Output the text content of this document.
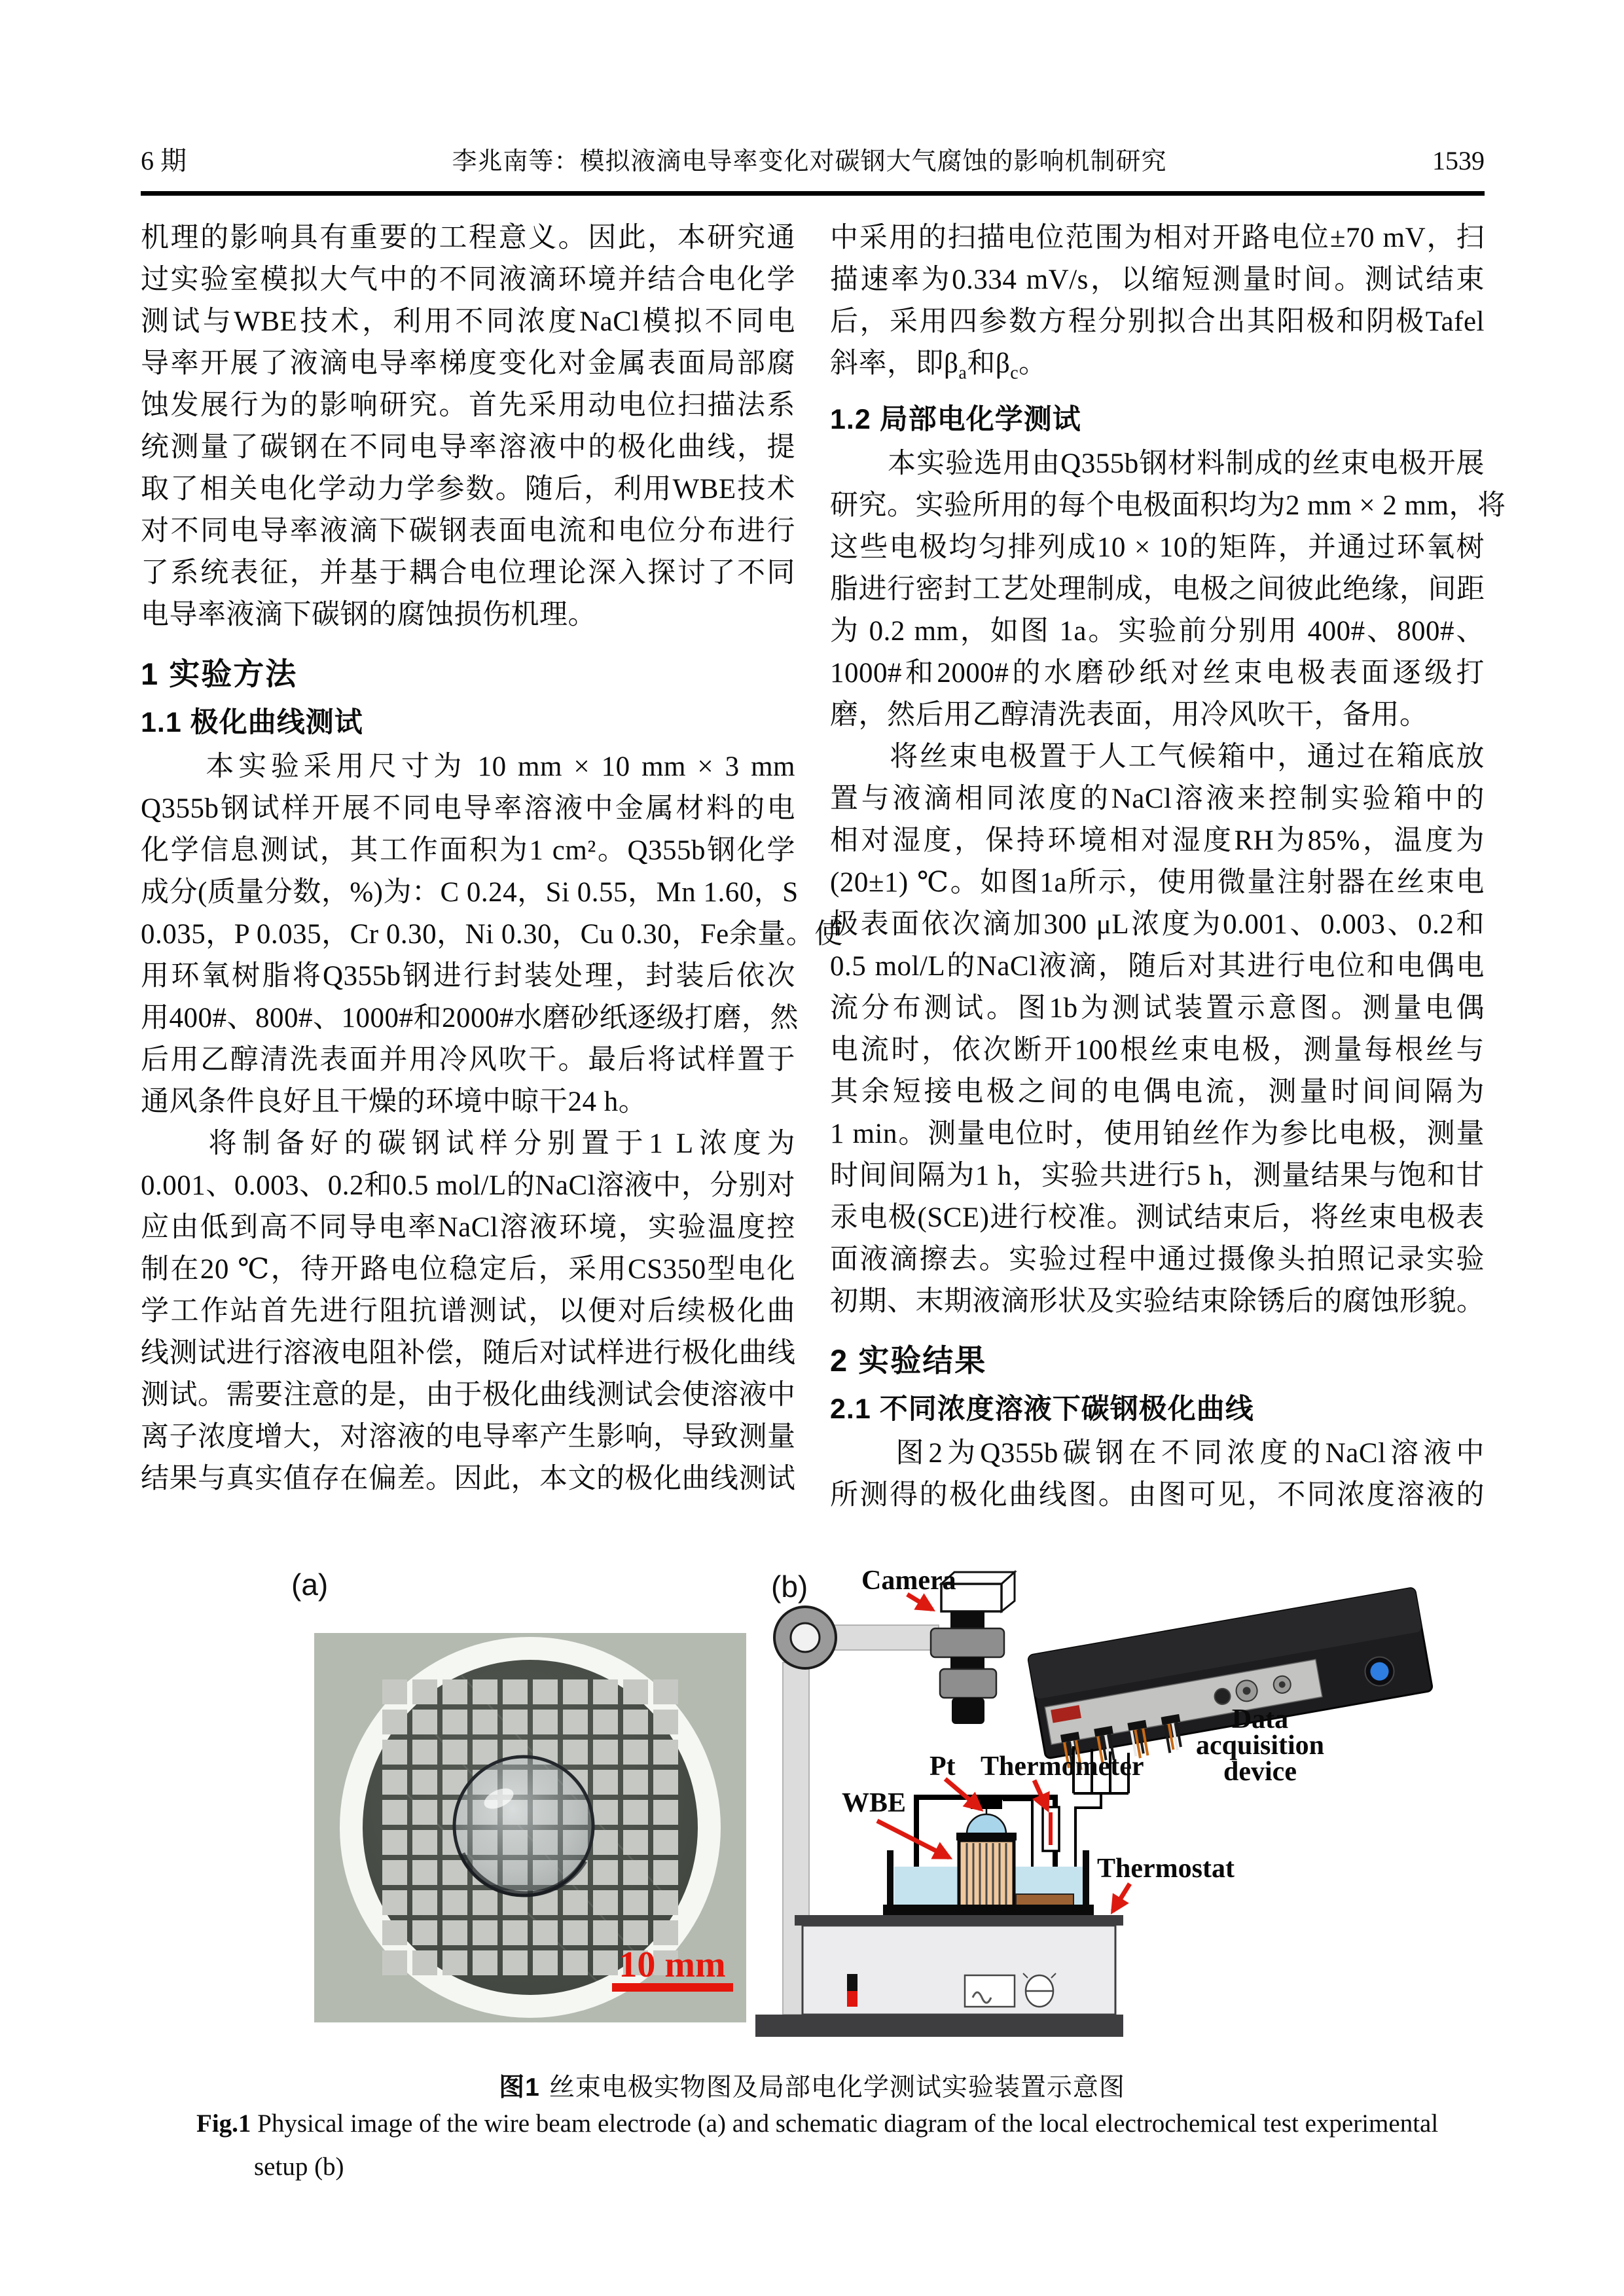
6 期	李兆南等：模拟液滴电导率变化对碳钢大气腐蚀的影响机制研究	1539
机理的影响具有重要的工程意义。因此，本研究通
过实验室模拟大气中的不同液滴环境并结合电化学
测试与WBE技术，利用不同浓度NaCl模拟不同电
导率开展了液滴电导率梯度变化对金属表面局部腐
蚀发展行为的影响研究。首先采用动电位扫描法系
统测量了碳钢在不同电导率溶液中的极化曲线，提
取了相关电化学动力学参数。随后，利用WBE技术
对不同电导率液滴下碳钢表面电流和电位分布进行
了系统表征，并基于耦合电位理论深入探讨了不同
电导率液滴下碳钢的腐蚀损伤机理。
1 实验方法
1.1 极化曲线测试
　　本实验采用尺寸为 10 mm × 10 mm × 3 mm
Q355b钢试样开展不同电导率溶液中金属材料的电
化学信息测试，其工作面积为1 cm²。Q355b钢化学
成分(质量分数，%)为：C 0.24，Si 0.55，Mn 1.60，S
0.035，P 0.035，Cr 0.30，Ni 0.30，Cu 0.30，Fe余量。使
用环氧树脂将Q355b钢进行封装处理，封装后依次
用400#、800#、1000#和2000#水磨砂纸逐级打磨，然
后用乙醇清洗表面并用冷风吹干。最后将试样置于
通风条件良好且干燥的环境中晾干24 h。
　　将制备好的碳钢试样分别置于1 L浓度为
0.001、0.003、0.2和0.5 mol/L的NaCl溶液中，分别对
应由低到高不同导电率NaCl溶液环境，实验温度控
制在20 ℃，待开路电位稳定后，采用CS350型电化
学工作站首先进行阻抗谱测试，以便对后续极化曲
线测试进行溶液电阻补偿，随后对试样进行极化曲线
测试。需要注意的是，由于极化曲线测试会使溶液中
离子浓度增大，对溶液的电导率产生影响，导致测量
结果与真实值存在偏差。因此，本文的极化曲线测试
中采用的扫描电位范围为相对开路电位±70 mV，扫
描速率为0.334 mV/s，以缩短测量时间。测试结束
后，采用四参数方程分别拟合出其阳极和阴极Tafel
斜率，即$\beta_a$和$\beta_c$。
1.2 局部电化学测试
　　本实验选用由Q355b钢材料制成的丝束电极开展
研究。实验所用的每个电极面积均为2 mm × 2 mm，将
这些电极均匀排列成10 × 10的矩阵，并通过环氧树
脂进行密封工艺处理制成，电极之间彼此绝缘，间距
为 0.2 mm，如图 1a。实验前分别用 400#、800#、
1000#和2000#的水磨砂纸对丝束电极表面逐级打
磨，然后用乙醇清洗表面，用冷风吹干，备用。
　　将丝束电极置于人工气候箱中，通过在箱底放
置与液滴相同浓度的NaCl溶液来控制实验箱中的
相对湿度，保持环境相对湿度RH为85%，温度为
(20±1) ℃。如图1a所示，使用微量注射器在丝束电
极表面依次滴加300 μL浓度为0.001、0.003、0.2和
0.5 mol/L的NaCl液滴，随后对其进行电位和电偶电
流分布测试。图1b为测试装置示意图。测量电偶
电流时，依次断开100根丝束电极，测量每根丝与
其余短接电极之间的电偶电流，测量时间间隔为
1 min。测量电位时，使用铂丝作为参比电极，测量
时间间隔为1 h，实验共进行5 h，测量结果与饱和甘
汞电极(SCE)进行校准。测试结束后，将丝束电极表
面液滴擦去。实验过程中通过摄像头拍照记录实验
初期、末期液滴形状及实验结束除锈后的腐蚀形貌。
2 实验结果
2.1 不同浓度溶液下碳钢极化曲线
　　图2为Q355b碳钢在不同浓度的NaCl溶液中
所测得的极化曲线图。由图可见，不同浓度溶液的
(a)
10 mm
(b) Camera
Data
acquisition
device
WBE
Pt Thermometer
Thermostat
图1 丝束电极实物图及局部电化学测试实验装置示意图
Fig.1 Physical image of the wire beam electrode (a) and schematic diagram of the local electrochemical test experimental
setup (b)
